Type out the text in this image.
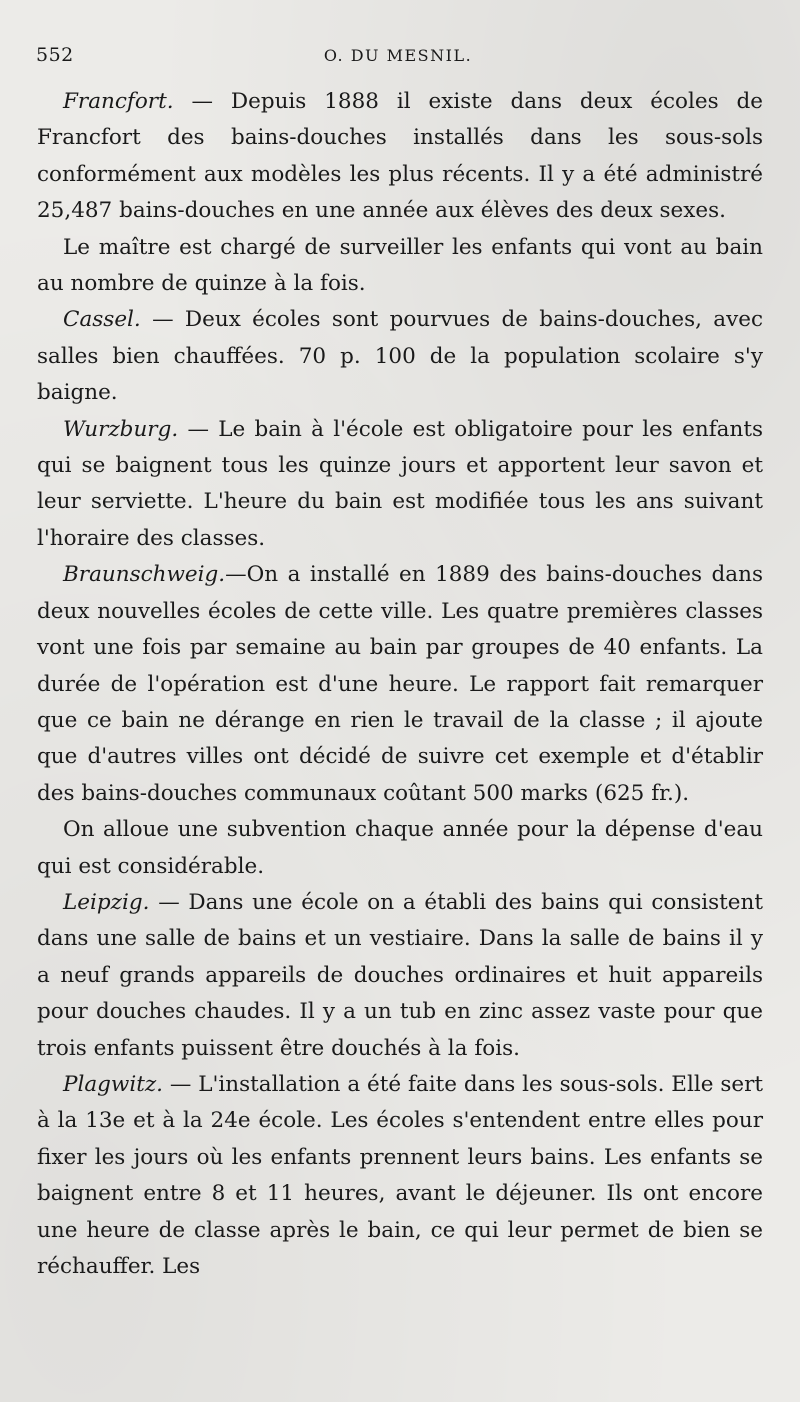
552	O. DU MESNIL.

Francfort. — Depuis 1888 il existe dans deux écoles de Francfort des bains-douches installés dans les sous-sols conformément aux modèles les plus récents. Il y a été administré 25,487 bains-douches en une année aux élèves des deux sexes.

Le maître est chargé de surveiller les enfants qui vont au bain au nombre de quinze à la fois.

Cassel. — Deux écoles sont pourvues de bains-douches, avec salles bien chauffées. 70 p. 100 de la population scolaire s'y baigne.

Wurzburg. — Le bain à l'école est obligatoire pour les enfants qui se baignent tous les quinze jours et apportent leur savon et leur serviette. L'heure du bain est modifiée tous les ans suivant l'horaire des classes.

Braunschweig.—On a installé en 1889 des bains-douches dans deux nouvelles écoles de cette ville. Les quatre premières classes vont une fois par semaine au bain par groupes de 40 enfants. La durée de l'opération est d'une heure. Le rapport fait remarquer que ce bain ne dérange en rien le travail de la classe ; il ajoute que d'autres villes ont décidé de suivre cet exemple et d'établir des bains-douches communaux coûtant 500 marks (625 fr.).

On alloue une subvention chaque année pour la dépense d'eau qui est considérable.

Leipzig. — Dans une école on a établi des bains qui consistent dans une salle de bains et un vestiaire. Dans la salle de bains il y a neuf grands appareils de douches ordinaires et huit appareils pour douches chaudes. Il y a un tub en zinc assez vaste pour que trois enfants puissent être douchés à la fois.

Plagwitz. — L'installation a été faite dans les sous-sols. Elle sert à la 13e et à la 24e école. Les écoles s'entendent entre elles pour fixer les jours où les enfants prennent leurs bains. Les enfants se baignent entre 8 et 11 heures, avant le déjeuner. Ils ont encore une heure de classe après le bain, ce qui leur permet de bien se réchauffer. Les
